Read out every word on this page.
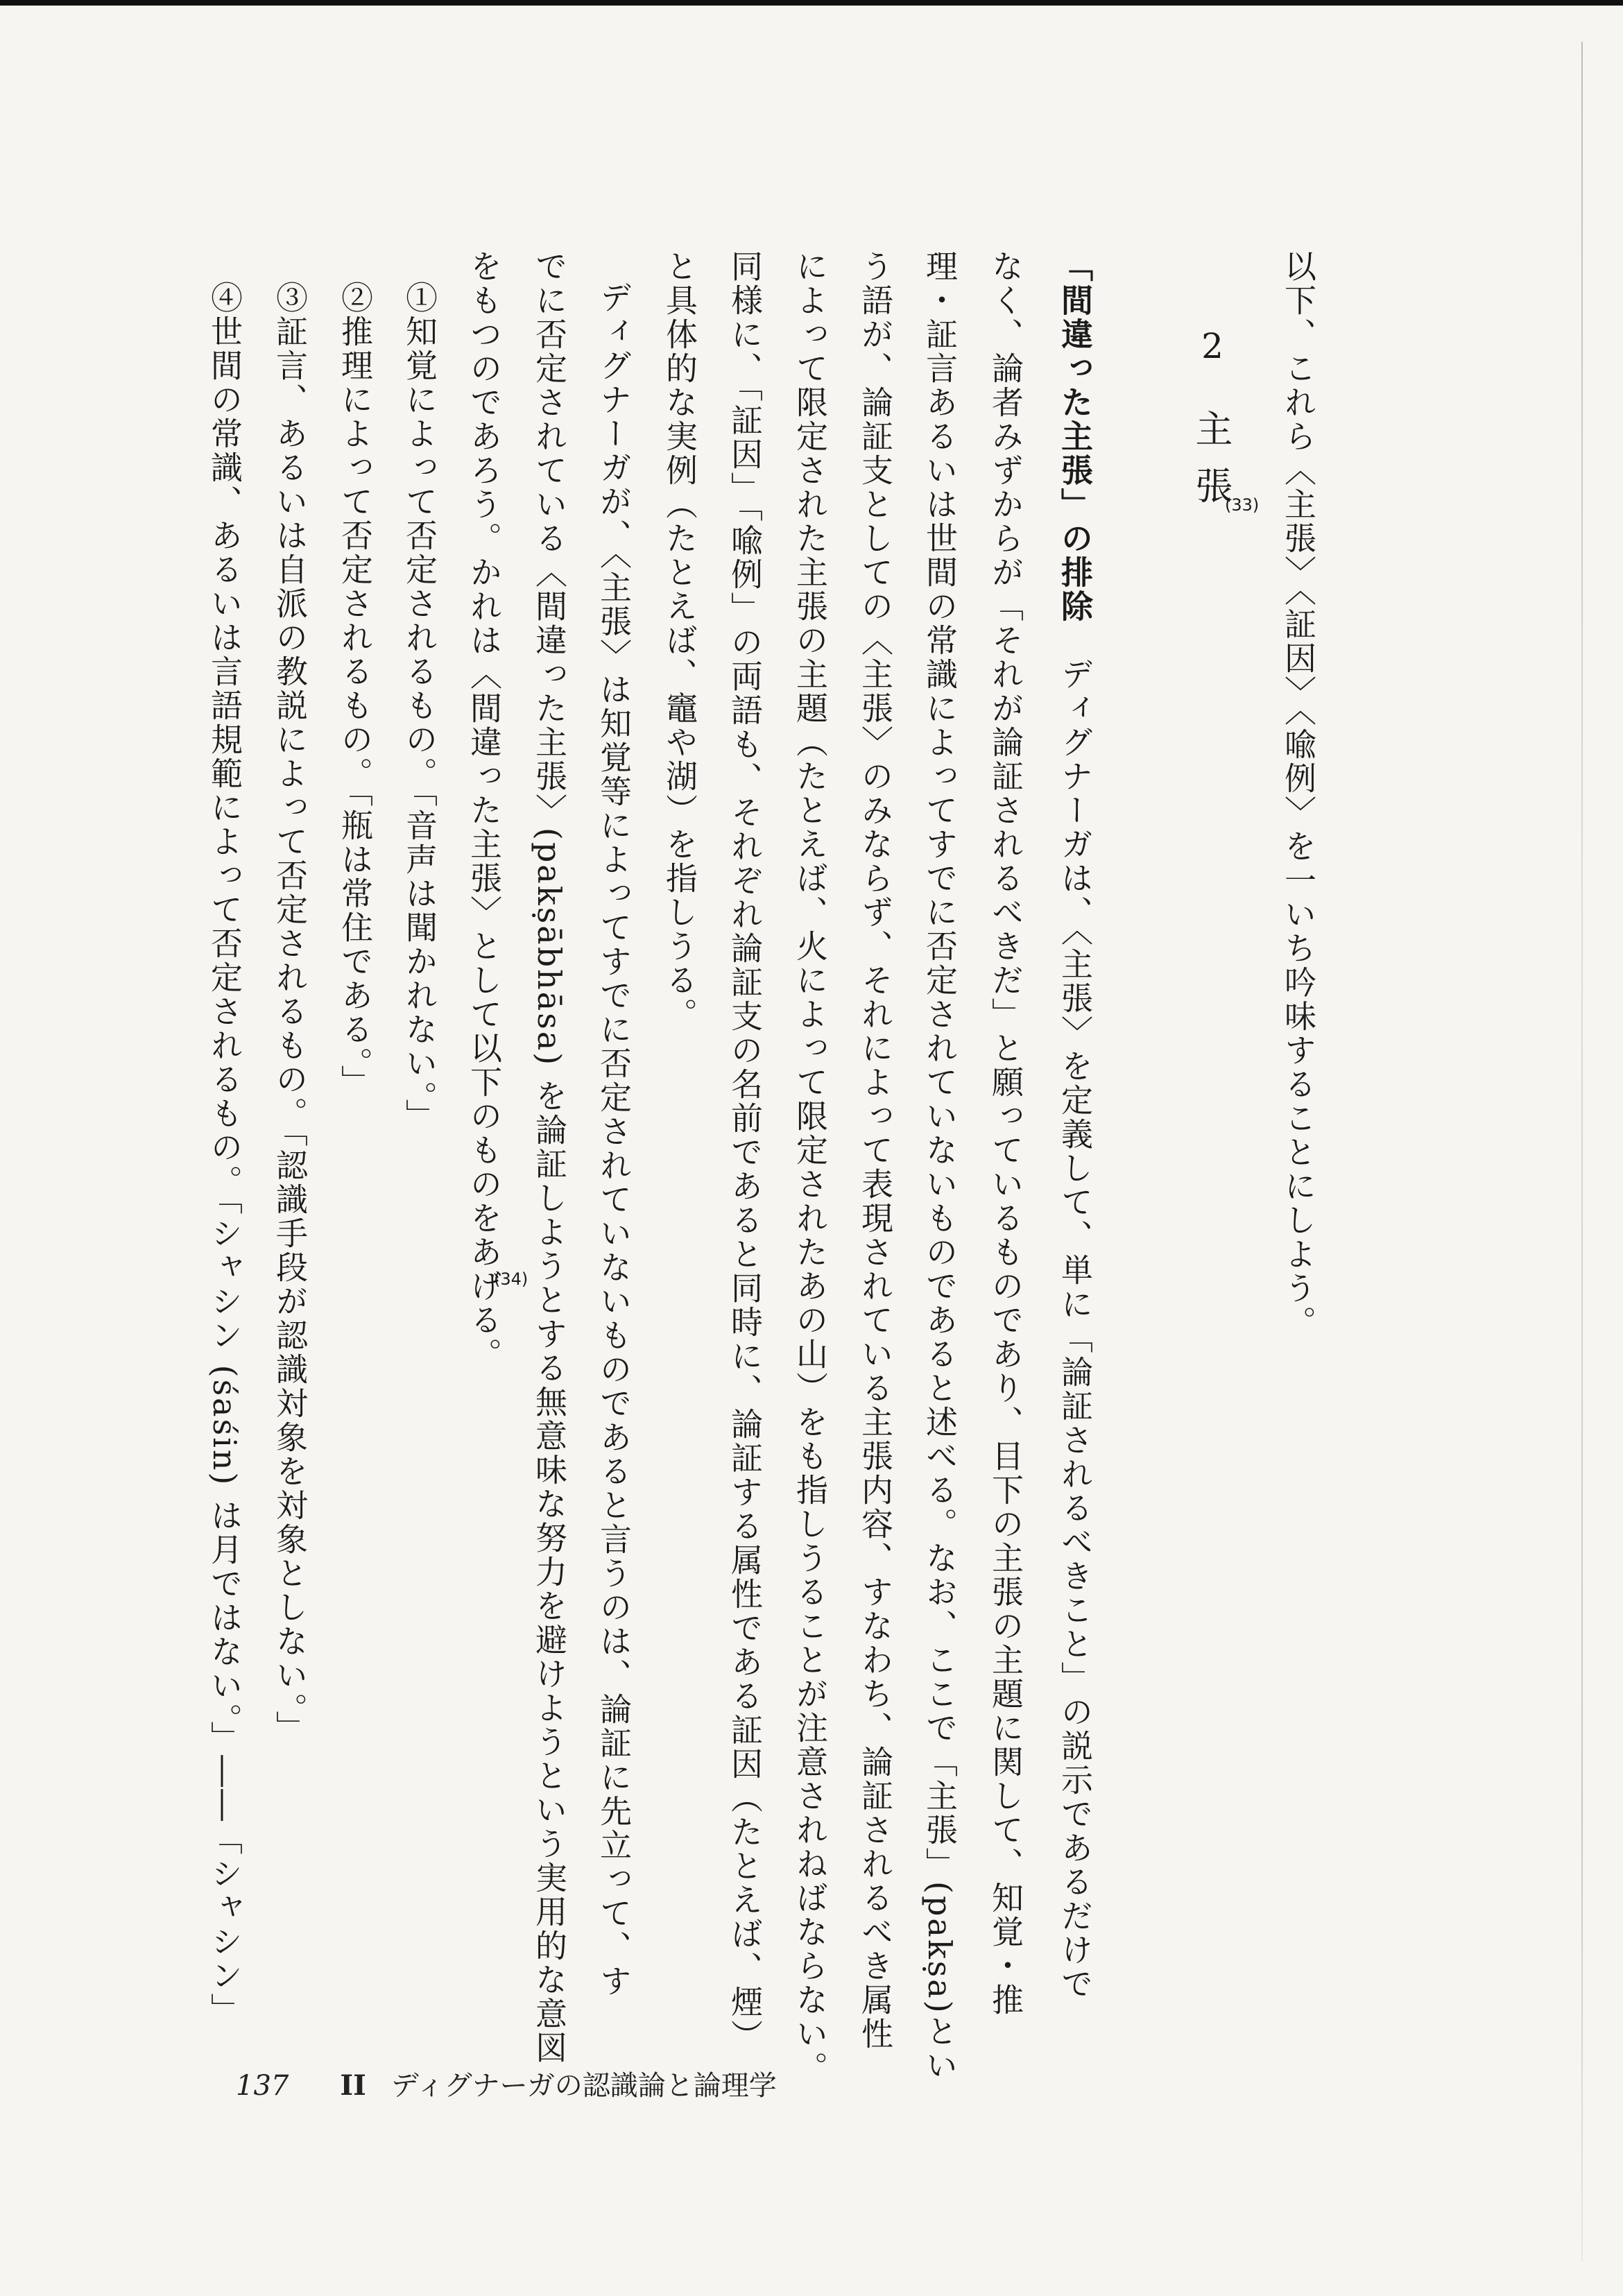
以下、これら〈主張〉〈証因〉〈喩例〉を一いち吟味することにしよう。
2
主張
(33)
「間違った主張」の排除　ディグナーガは、〈主張〉を定義して、単に「論証されるべきこと」の説示であるだけで
なく、論者みずからが「それが論証されるべきだ」と願っているものであり、目下の主張の主題に関して、知覚・推
理・証言あるいは世間の常識によってすでに否定されていないものであると述べる。なお、ここで「主張」(pakṣa)とい
う語が、論証支としての〈主張〉のみならず、それによって表現されている主張内容、すなわち、論証されるべき属性
によって限定された主張の主題（たとえば、火によって限定されたあの山）をも指しうることが注意されねばならない。
同様に、「証因」「喩例」の両語も、それぞれ論証支の名前であると同時に、論証する属性である証因（たとえば、煙）
と具体的な実例（たとえば、竈や湖）を指しうる。
ディグナーガが、〈主張〉は知覚等によってすでに否定されていないものであると言うのは、論証に先立って、す
でに否定されている〈間違った主張〉(pakṣābhāsa) を論証しようとする無意味な努力を避けようという実用的な意図
をもつのであろう。かれは〈間違った主張〉として以下のものをあげる。
(34)
①知覚によって否定されるもの。「音声は聞かれない。」
②推理によって否定されるもの。「瓶は常住である。」
③証言、あるいは自派の教説によって否定されるもの。「認識手段が認識対象を対象としない。」
④世間の常識、あるいは言語規範によって否定されるもの。「シャシン (śaśin) は月ではない。」――「シャシン」
137 II ディグナーガの認識論と論理学
